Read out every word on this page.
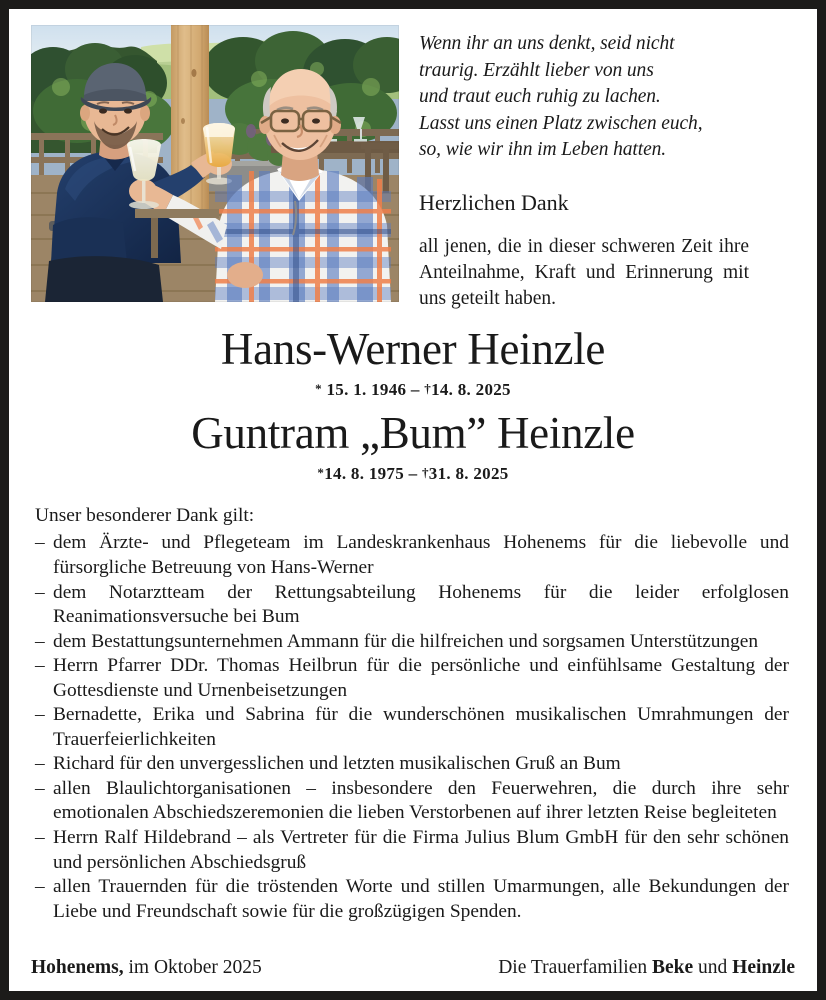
Wenn ihr an uns denkt, seid nicht
traurig. Erzählt lieber von uns
und traut euch ruhig zu lachen.
Lasst uns einen Platz zwischen euch,
so, wie wir ihn im Leben hatten.

Herzlichen Dank

all jenen, die in dieser schweren Zeit ihre Anteilnahme, Kraft und Erinnerung mit uns geteilt haben.

Hans-Werner Heinzle

* 15. 1. 1946 – †14. 8. 2025

Guntram „Bum” Heinzle

*14. 8. 1975 – †31. 8. 2025

Unser besonderer Dank gilt:

– dem Ärzte- und Pflegeteam im Landeskrankenhaus Hohenems für die liebevolle und fürsorgliche Betreuung von Hans-Werner
– dem Notarztteam der Rettungsabteilung Hohenems für die leider erfolglosen Reanimationsversuche bei Bum
– dem Bestattungsunternehmen Ammann für die hilfreichen und sorgsamen Unterstützungen
– Herrn Pfarrer DDr. Thomas Heilbrun für die persönliche und einfühlsame Gestaltung der Gottesdienste und Urnenbeisetzungen
– Bernadette, Erika und Sabrina für die wunderschönen musikalischen Umrahmungen der Trauerfeierlichkeiten
– Richard für den unvergesslichen und letzten musikalischen Gruß an Bum
– allen Blaulichtorganisationen – insbesondere den Feuerwehren, die durch ihre sehr emotionalen Abschiedszeremonien die lieben Verstorbenen auf ihrer letzten Reise begleiteten
– Herrn Ralf Hildebrand – als Vertreter für die Firma Julius Blum GmbH für den sehr schönen und persönlichen Abschiedsgruß
– allen Trauernden für die tröstenden Worte und stillen Umarmungen, alle Bekundungen der Liebe und Freundschaft sowie für die großzügigen Spenden.
Hohenems, im Oktober 2025	Die Trauerfamilien Beke und Heinzle
